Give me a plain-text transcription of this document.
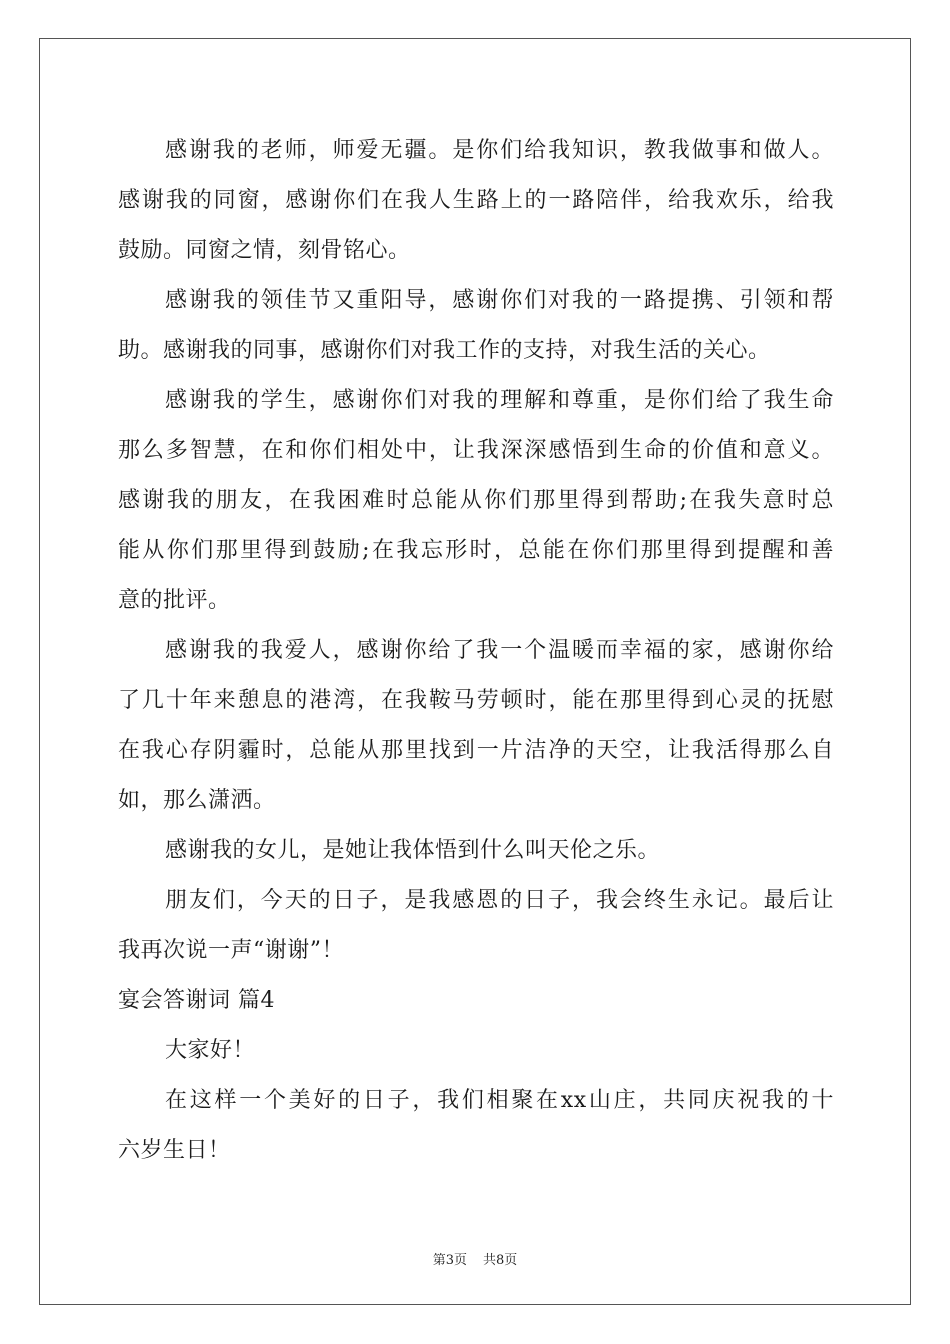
感谢我的老师，师爱无疆。是你们给我知识，教我做事和做人。
感谢我的同窗，感谢你们在我人生路上的一路陪伴，给我欢乐，给我
鼓励。同窗之情，刻骨铭心。
感谢我的领佳节又重阳导，感谢你们对我的一路提携、引领和帮
助。感谢我的同事，感谢你们对我工作的支持，对我生活的关心。
感谢我的学生，感谢你们对我的理解和尊重，是你们给了我生命
那么多智慧，在和你们相处中，让我深深感悟到生命的价值和意义。
感谢我的朋友，在我困难时总能从你们那里得到帮助;在我失意时总
能从你们那里得到鼓励;在我忘形时，总能在你们那里得到提醒和善
意的批评。
感谢我的我爱人，感谢你给了我一个温暖而幸福的家，感谢你给
了几十年来憩息的港湾，在我鞍马劳顿时，能在那里得到心灵的抚慰
在我心存阴霾时，总能从那里找到一片洁净的天空，让我活得那么自
如，那么潇洒。
感谢我的女儿，是她让我体悟到什么叫天伦之乐。
朋友们，今天的日子，是我感恩的日子，我会终生永记。最后让
我再次说一声“谢谢”！
宴会答谢词 篇4
大家好！
在这样一个美好的日子，我们相聚在xx山庄，共同庆祝我的十
六岁生日！
第3页 共8页
